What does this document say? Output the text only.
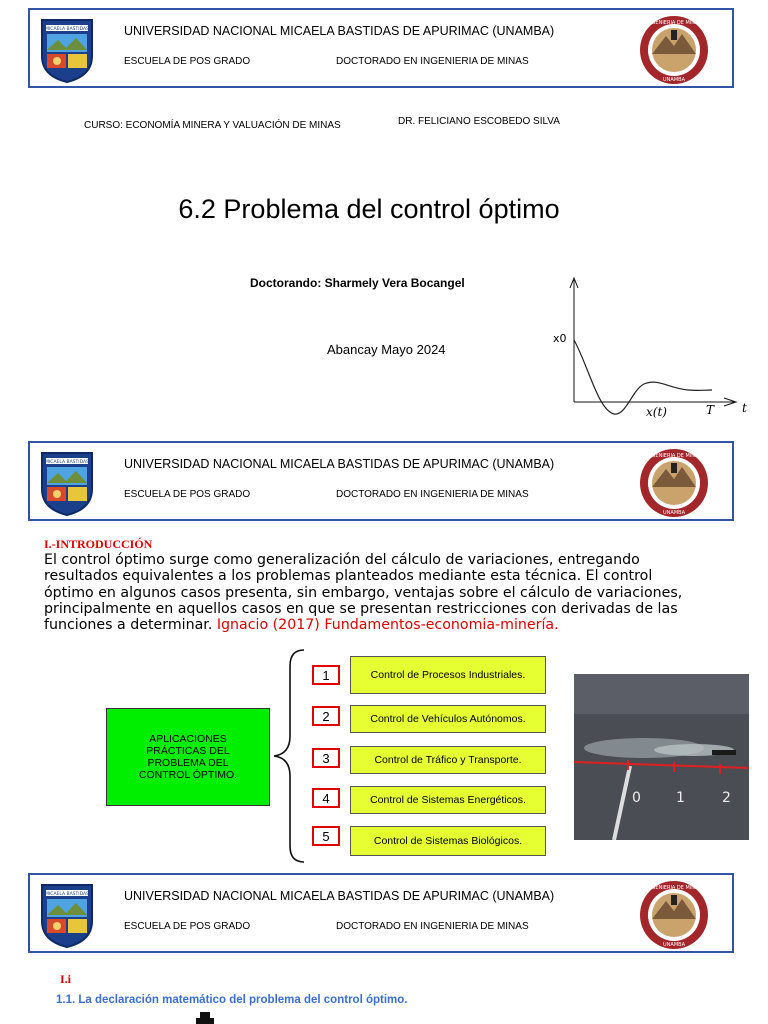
MICAELA BASTIDAS	UNIVERSIDAD NACIONAL MICAELA BASTIDAS DE APURIMAC (UNAMBA)
ESCUELA DE POS GRADO	DOCTORADO EN INGENIERIA DE MINAS
INGENIERIA DE MINAS
UNAMBA
CURSO: ECONOMÍA MINERA Y VALUACIÓN DE MINAS	DR. FELICIANO ESCOBEDO SILVA
6.2 Problema del control óptimo
Doctorando: Sharmely Vera Bocangel
Abancay Mayo 2024
x0
x(t)	T t
MICAELA BASTIDAS	UNIVERSIDAD NACIONAL MICAELA BASTIDAS DE APURIMAC (UNAMBA)
ESCUELA DE POS GRADO	DOCTORADO EN INGENIERIA DE MINAS
INGENIERIA DE MINAS
UNAMBA
I.-INTRODUCCIÓN
El control óptimo surge como generalización del cálculo de variaciones, entregando resultados equivalentes a los problemas planteados mediante esta técnica. El control óptimo en algunos casos presenta, sin embargo, ventajas sobre el cálculo de variaciones, principalmente en aquellos casos en que se presentan restricciones con derivadas de las funciones a determinar. Ignacio (2017) Fundamentos-economia-minería.
APLICACIONES PRÁCTICAS DEL PROBLEMA DEL CONTROL ÓPTIMO.
1	Control de Procesos Industriales.
2	Control de Vehículos Autónomos.
3	Control de Tráfico y Transporte.
4	Control de Sistemas Energéticos.
5	Control de Sistemas Biológicos.
0	1	2
MICAELA BASTIDAS	UNIVERSIDAD NACIONAL MICAELA BASTIDAS DE APURIMAC (UNAMBA)
ESCUELA DE POS GRADO	DOCTORADO EN INGENIERIA DE MINAS
INGENIERIA DE MINAS
UNAMBA
I.i
1.1. La declaración matemático del problema del control óptimo.
